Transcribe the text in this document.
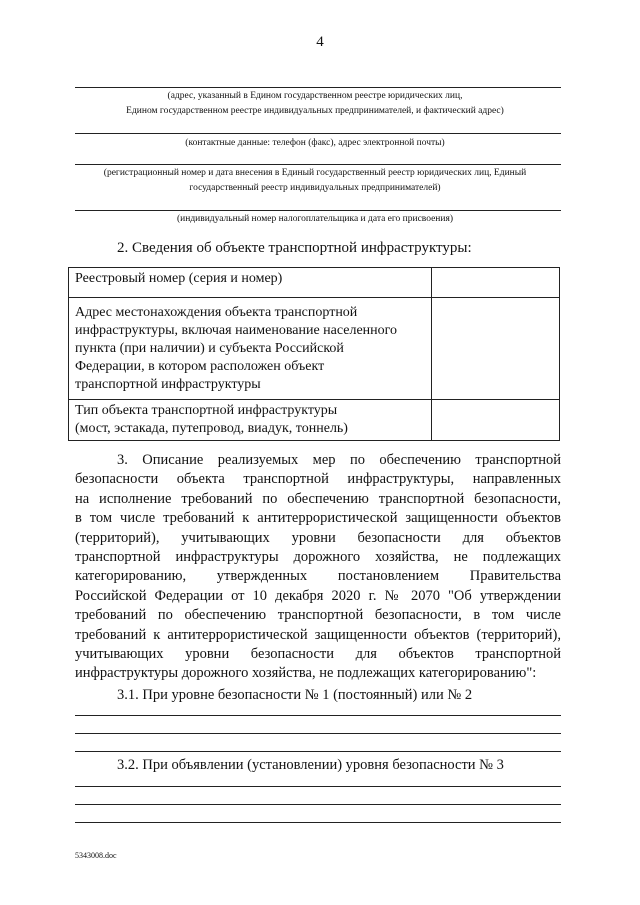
4
(адрес, указанный в Едином государственном реестре юридических лиц,
Едином государственном реестре индивидуальных предпринимателей, и фактический адрес)
(контактные данные: телефон (факс), адрес электронной почты)
(регистрационный номер и дата внесения в Единый государственный реестр юридических лиц, Единый
государственный реестр индивидуальных предпринимателей)
(индивидуальный номер налогоплательщика и дата его присвоения)
2. Сведения об объекте транспортной инфраструктуры:
Реестровый номер (серия и номер)	

Адрес местонахождения объекта транспортной
инфраструктуры, включая наименование населенного
пункта (при наличии) и субъекта Российской
Федерации, в котором расположен объект
транспортной инфраструктуры	

Тип объекта транспортной инфраструктуры
(мост, эстакада, путепровод, виадук, тоннель)	

3. Описание реализуемых мер по обеспечению транспортной
безопасности объекта транспортной инфраструктуры, направленных
на исполнение требований по обеспечению транспортной безопасности,
в том числе требований к антитеррористической защищенности объектов
(территорий), учитывающих уровни безопасности для объектов
транспортной инфраструктуры дорожного хозяйства, не подлежащих
категорированию, утвержденных постановлением Правительства
Российской Федерации от 10 декабря 2020 г. № 2070 "Об утверждении
требований по обеспечению транспортной безопасности, в том числе
требований к антитеррористической защищенности объектов (территорий),
учитывающих уровни безопасности для объектов транспортной
инфраструктуры дорожного хозяйства, не подлежащих категорированию":
3.1. При уровне безопасности № 1 (постоянный) или № 2
3.2. При объявлении (установлении) уровня безопасности № 3
5343008.doc
